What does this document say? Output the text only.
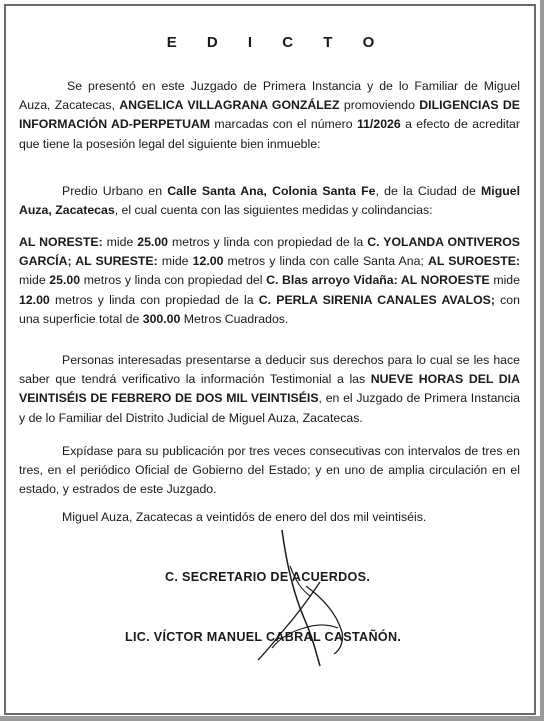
E D I C T O

Se presentó en este Juzgado de Primera Instancia y de lo Familiar de Miguel Auza, Zacatecas, ANGELICA VILLAGRANA GONZÁLEZ promoviendo DILIGENCIAS DE INFORMACIÓN AD-PERPETUAM marcadas con el número 11/2026 a efecto de acreditar que tiene la posesión legal del siguiente bien inmueble:

Predio Urbano en Calle Santa Ana, Colonia Santa Fe, de la Ciudad de Miguel Auza, Zacatecas, el cual cuenta con las siguientes medidas y colindancias:

AL NORESTE: mide 25.00 metros y linda con propiedad de la C. YOLANDA ONTIVEROS GARCÍA; AL SURESTE: mide 12.00 metros y linda con calle Santa Ana; AL SUROESTE: mide 25.00 metros y linda con propiedad del C. Blas arroyo Vidaña: AL NOROESTE mide 12.00 metros y linda con propiedad de la C. PERLA SIRENIA CANALES AVALOS; con una superficie total de 300.00 Metros Cuadrados.

Personas interesadas presentarse a deducir sus derechos para lo cual se les hace saber que tendrá verificativo la información Testimonial a las NUEVE HORAS DEL DIA VEINTISÉIS DE FEBRERO DE DOS MIL VEINTISÉIS, en el Juzgado de Primera Instancia y de lo Familiar del Distrito Judicial de Miguel Auza, Zacatecas.

Expídase para su publicación por tres veces consecutivas con intervalos de tres en tres, en el periódico Oficial de Gobierno del Estado; y en uno de amplia circulación en el estado, y estrados de este Juzgado.

Miguel Auza, Zacatecas a veintidós de enero del dos mil veintiséis.

C. SECRETARIO DE ACUERDOS.
LIC. VÍCTOR MANUEL CABRAL CASTAÑÓN.
